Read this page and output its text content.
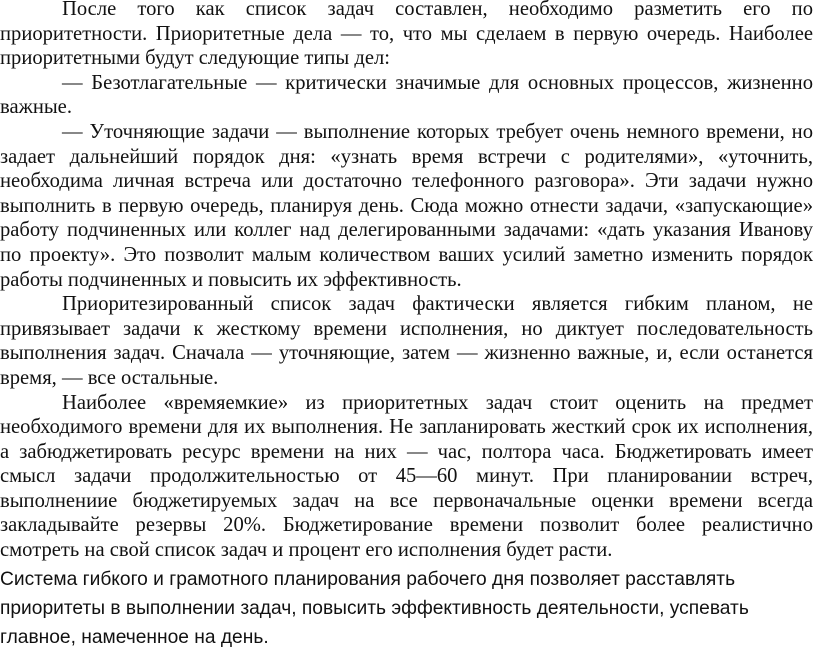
После того как список задач составлен, необходимо разметить его по приоритетности. Приоритетные дела — то, что мы сделаем в первую очередь. Наиболее приоритетными будут следующие типы дел:

— Безотлагательные — критически значимые для основных процессов, жизненно важные.

— Уточняющие задачи — выполнение которых требует очень немного времени, но задает дальнейший порядок дня: «узнать время встречи с родителями», «уточнить, необходима личная встреча или достаточно телефонного разговора». Эти задачи нужно выполнить в первую очередь, планируя день. Сюда можно отнести задачи, «запускающие» работу подчиненных или коллег над делегированными задачами: «дать указания Иванову по проекту». Это позволит малым количеством ваших усилий заметно изменить порядок работы подчиненных и повысить их эффективность.

Приоритезированный список задач фактически является гибким планом, не привязывает задачи к жесткому времени исполнения, но диктует последовательность выполнения задач. Сначала — уточняющие, затем — жизненно важные, и, если останется время, — все остальные.

Наиболее «времяемкие» из приоритетных задач стоит оценить на предмет необходимого времени для их выполнения. Не запланировать жесткий срок их исполнения, а забюджетировать ресурс времени на них — час, полтора часа. Бюджетировать имеет смысл задачи продолжительностью от 45—60 минут. При планировании встреч, выполнениие бюджетируемых задач на все первоначальные оценки времени всегда закладывайте резервы 20%. Бюджетирование времени позволит более реалистично смотреть на свой список задач и процент его исполнения будет расти.

Система гибкого и грамотного планирования рабочего дня позволяет расставлять приоритеты в выполнении задач, повысить эффективность деятельности, успевать главное, намеченное на день.
